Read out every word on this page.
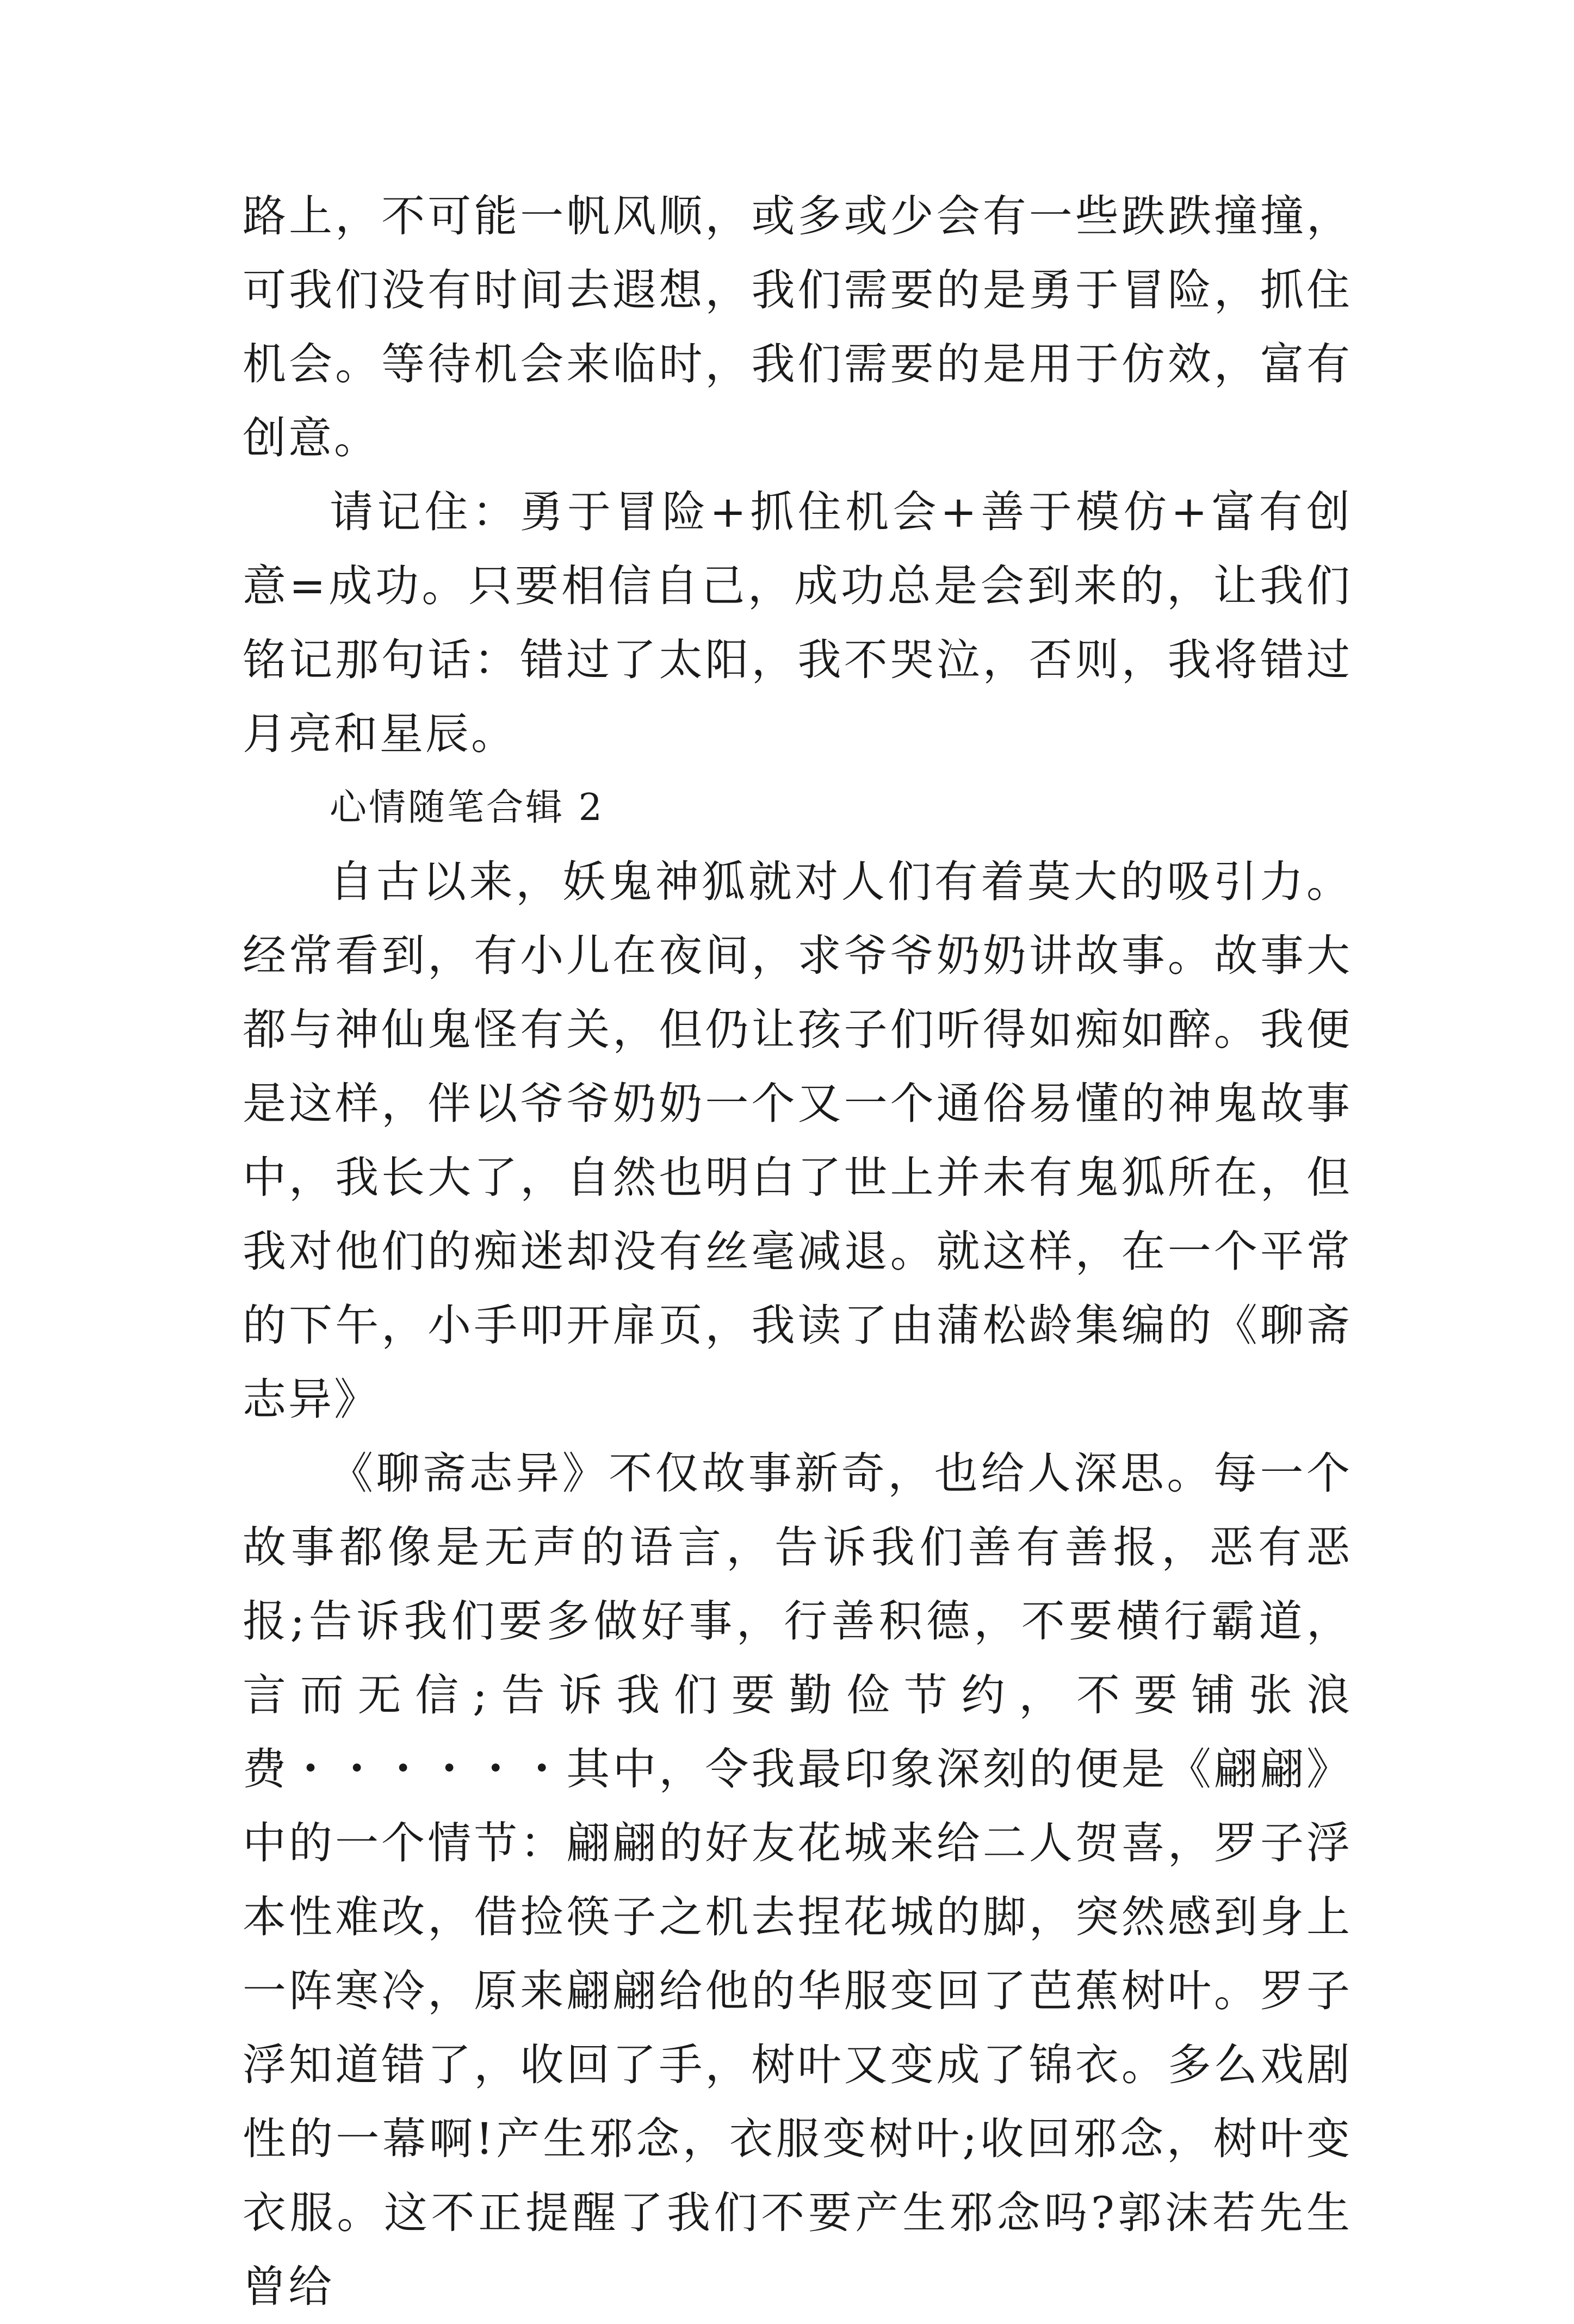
路上，不可能一帆风顺，或多或少会有一些跌跌撞撞，可我们没有时间去遐想，我们需要的是勇于冒险，抓住机会。等待机会来临时，我们需要的是用于仿效，富有创意。

请记住：勇于冒险+抓住机会+善于模仿+富有创意=成功。只要相信自己，成功总是会到来的，让我们铭记那句话：错过了太阳，我不哭泣，否则，我将错过月亮和星辰。

心情随笔合辑 2

自古以来，妖鬼神狐就对人们有着莫大的吸引力。经常看到，有小儿在夜间，求爷爷奶奶讲故事。故事大都与神仙鬼怪有关，但仍让孩子们听得如痴如醉。我便是这样，伴以爷爷奶奶一个又一个通俗易懂的神鬼故事中，我长大了，自然也明白了世上并未有鬼狐所在，但我对他们的痴迷却没有丝毫减退。就这样，在一个平常的下午，小手叩开扉页，我读了由蒲松龄集编的《聊斋志异》

《聊斋志异》不仅故事新奇，也给人深思。每一个故事都像是无声的语言，告诉我们善有善报，恶有恶报;告诉我们要多做好事，行善积德，不要横行霸道，言而无信;告诉我们要勤俭节约，不要铺张浪费・・・・・・其中，令我最印象深刻的便是《翩翩》中的一个情节：翩翩的好友花城来给二人贺喜，罗子浮本性难改，借捡筷子之机去捏花城的脚，突然感到身上一阵寒冷，原来翩翩给他的华服变回了芭蕉树叶。罗子浮知道错了，收回了手，树叶又变成了锦衣。多么戏剧性的一幕啊!产生邪念，衣服变树叶;收回邪念，树叶变衣服。这不正提醒了我们不要产生邪念吗?郭沫若先生曾给
